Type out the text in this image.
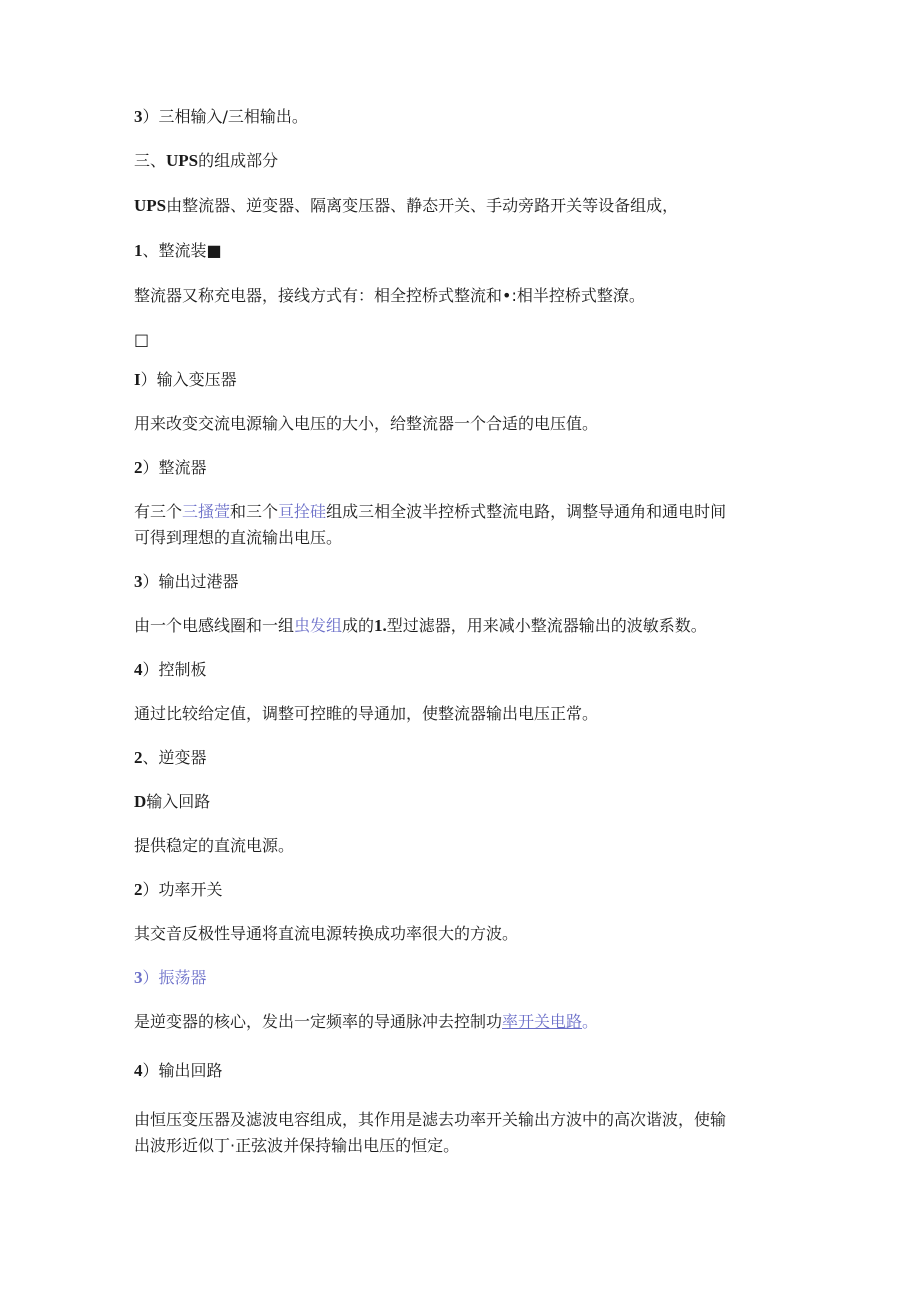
3）三相输入/三相输出。
三、UPS的组成部分
UPS由整流器、逆变器、隔离变压器、静态开关、手动旁路开关等设备组成，
1、整流装■
整流器又称充电器，接线方式有：相全控桥式整流和•:相半控桥式整潦。
□
I）输入变压器
用来改变交流电源输入电压的大小，给整流器一个合适的电压值。
2）整流器
有三个三搔萱和三个亘拴硅组成三相全波半控桥式整流电路，调整导通角和通电时间
可得到理想的直流输出电压。
3）输出过港器
由一个电感线圈和一组虫发组成的1.型过滤器，用来减小整流器输出的波敏系数。
4）控制板
通过比较给定值，调整可控睢的导通加，使整流器输出电压正常。
2、逆变器
D输入回路
提供稳定的直流电源。
2）功率开关
其交音反极性导通将直流电源转换成功率很大的方波。
3）振荡器
是逆变器的核心，发出一定频率的导通脉冲去控制功率开关电路。
4）输出回路
由恒压变压器及滤波电容组成，其作用是滤去功率开关输出方波中的高次谐波，使输
出波形近似丁·正弦波并保持输出电压的恒定。
